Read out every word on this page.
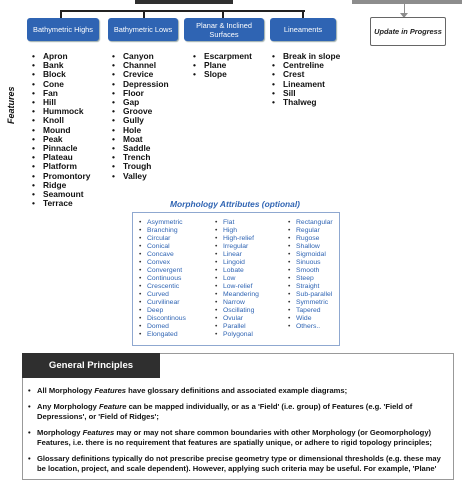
Bathymetric Highs	Bathymetric Lows	Planar & Inclined Surfaces	Lineaments	Update in Progress
Features
• Apron
• Bank
• Block
• Cone
• Fan
• Hill
• Hummock
• Knoll
• Mound
• Peak
• Pinnacle
• Plateau
• Platform
• Promontory
• Ridge
• Seamount
• Terrace
• Canyon
• Channel
• Crevice
• Depression
• Floor
• Gap
• Groove
• Gully
• Hole
• Moat
• Saddle
• Trench
• Trough
• Valley
• Escarpment
• Plane
• Slope
• Break in slope
• Centreline
• Crest
• Lineament
• Sill
• Thalweg
Morphology Attributes (optional)
• Asymmetric
• Branching
• Circular
• Conical
• Concave
• Convex
• Convergent
• Continuous
• Crescentic
• Curved
• Curvilinear
• Deep
• Discontinous
• Domed
• Elongated
• Flat
• High
• High-relief
• Irregular
• Linear
• Lingoid
• Lobate
• Low
• Low-relief
• Meandering
• Narrow
• Oscillating
• Ovular
• Parallel
• Polygonal
• Rectangular
• Regular
• Rugose
• Shallow
• Sigmoidal
• Sinuous
• Smooth
• Steep
• Straight
• Sub-parallel
• Symmetric
• Tapered
• Wide
• Others..
General Principles
• All Morphology Features have glossary definitions and associated example diagrams;
• Any Morphology Feature can be mapped individually, or as a 'Field' (i.e. group) of Features (e.g. 'Field of Depressions', or 'Field of Ridges';
• Morphology Features may or may not share common boundaries with other Morphology (or Geomorphology) Features, i.e. there is no requirement that features are spatially unique, or adhere to rigid topology principles;
• Glossary definitions typically do not prescribe precise geometry type or dimensional thresholds (e.g. these may be location, project, and scale dependent). However, applying such criteria may be useful. For example, 'Plane'
